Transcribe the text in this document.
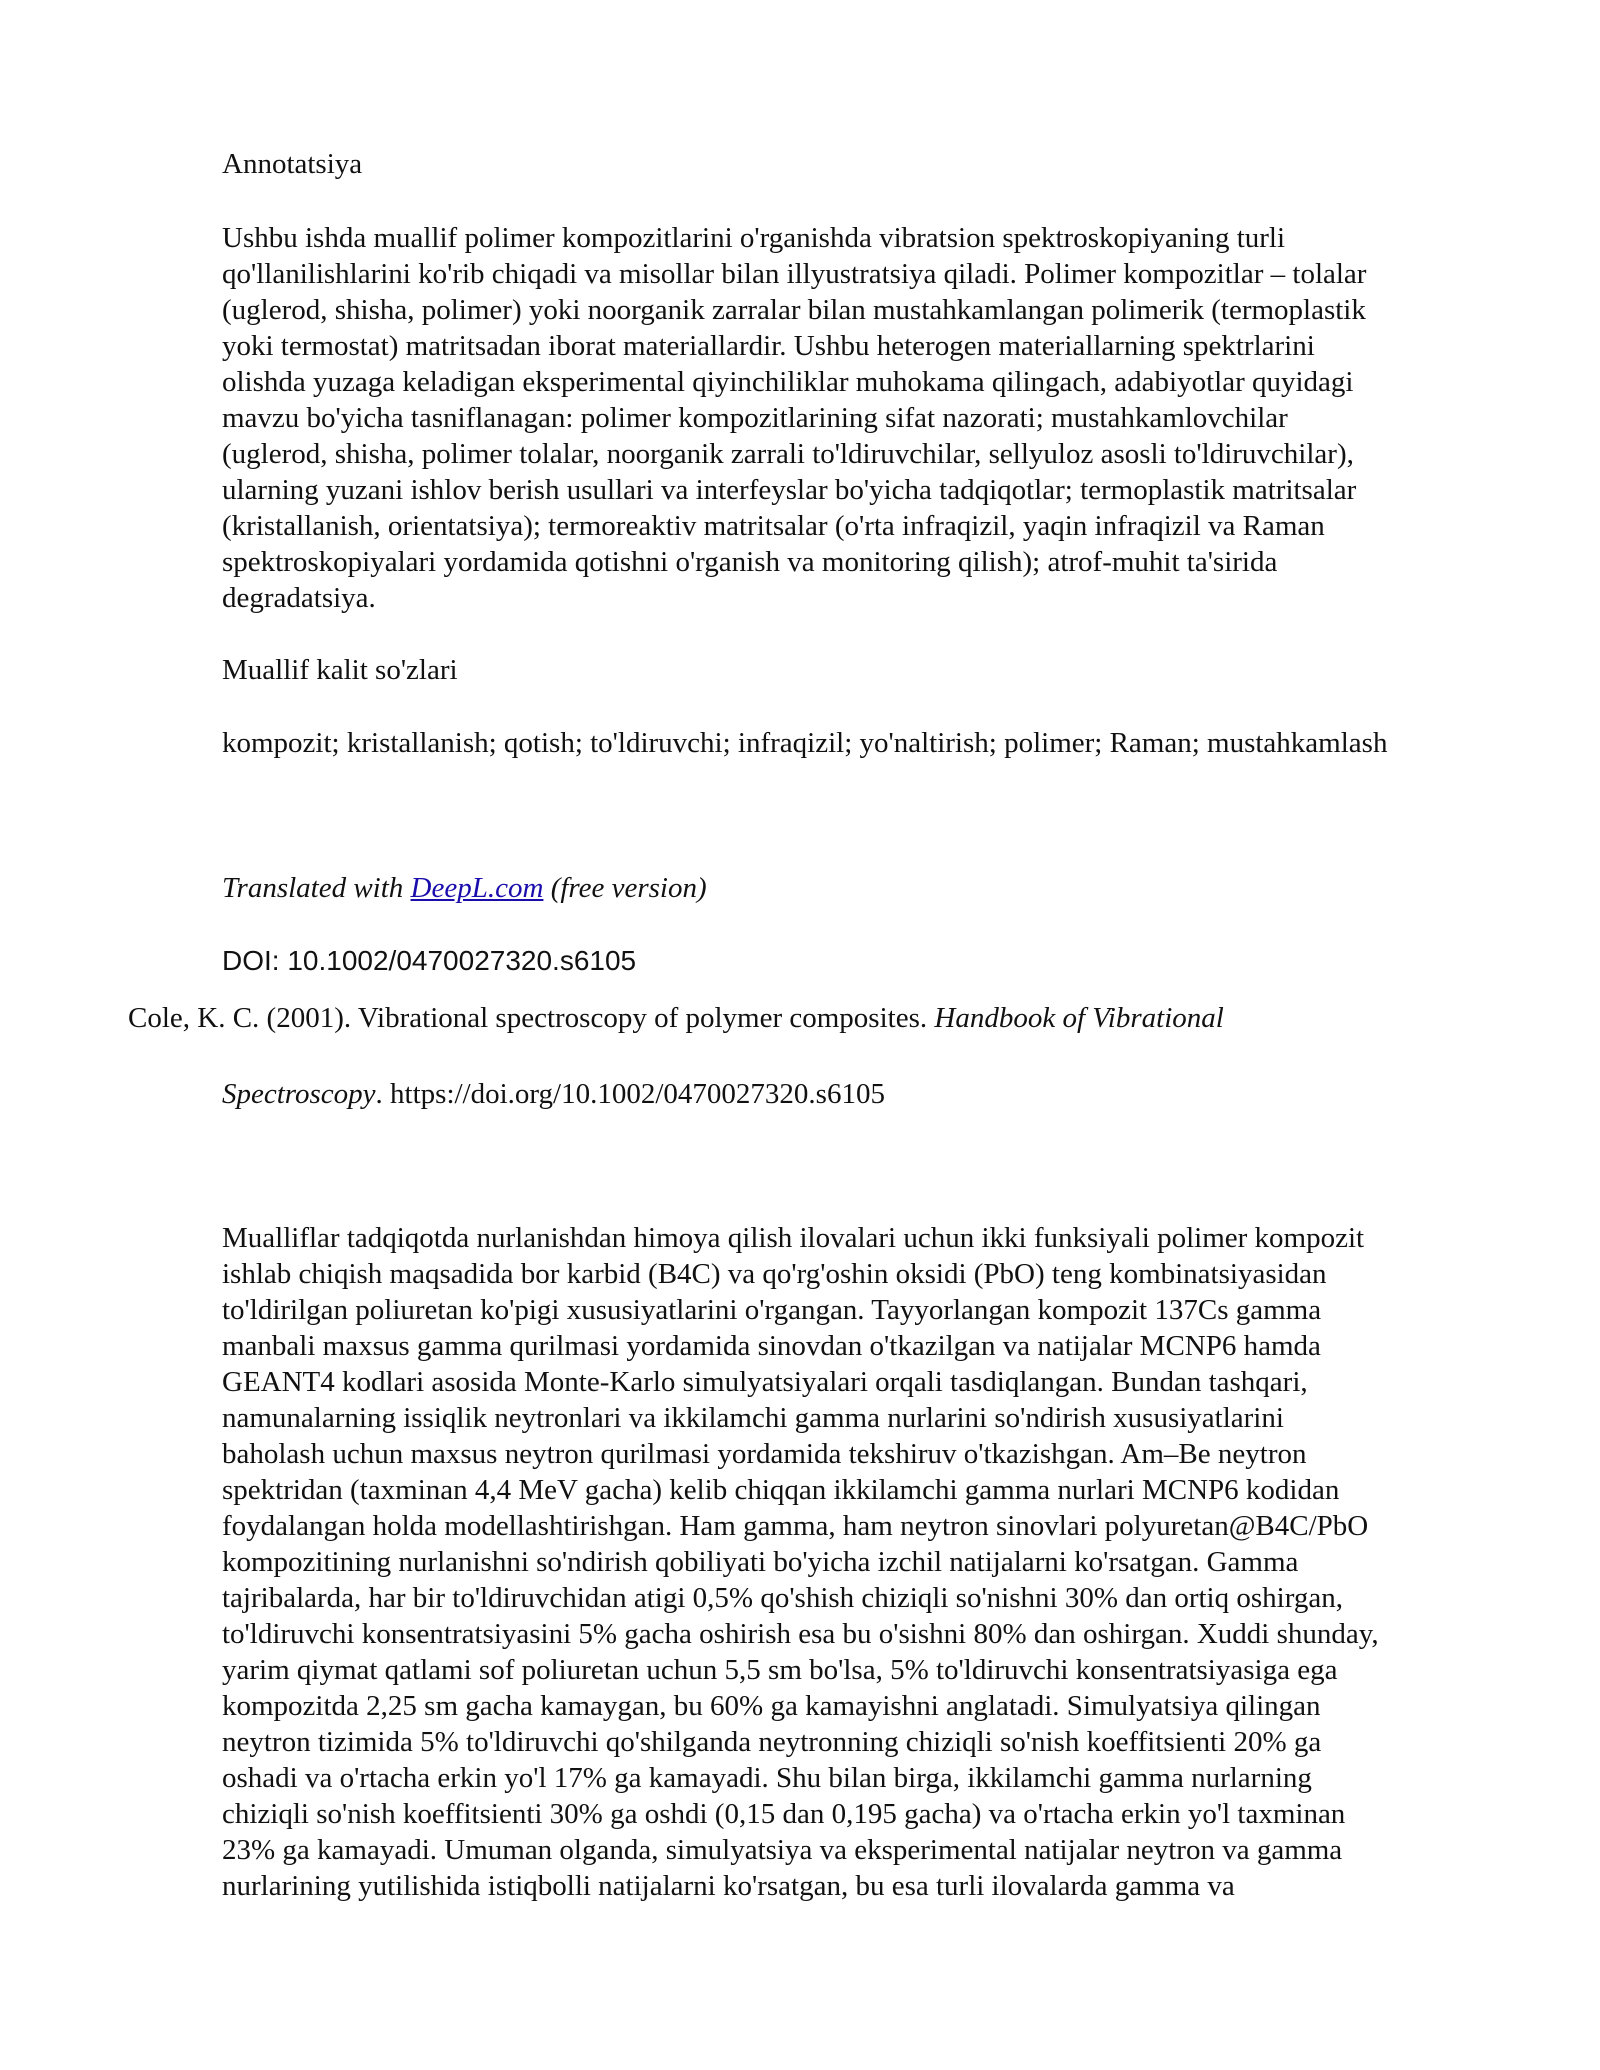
Annotatsiya

Ushbu ishda muallif polimer kompozitlarini o'rganishda vibratsion spektroskopiyaning turli
qo'llanilishlarini ko'rib chiqadi va misollar bilan illyustratsiya qiladi. Polimer kompozitlar – tolalar
(uglerod, shisha, polimer) yoki noorganik zarralar bilan mustahkamlangan polimerik (termoplastik
yoki termostat) matritsadan iborat materiallardir. Ushbu heterogen materiallarning spektrlarini
olishda yuzaga keladigan eksperimental qiyinchiliklar muhokama qilingach, adabiyotlar quyidagi
mavzu bo'yicha tasniflanagan: polimer kompozitlarining sifat nazorati; mustahkamlovchilar
(uglerod, shisha, polimer tolalar, noorganik zarrali to'ldiruvchilar, sellyuloz asosli to'ldiruvchilar),
ularning yuzani ishlov berish usullari va interfeyslar bo'yicha tadqiqotlar; termoplastik matritsalar
(kristallanish, orientatsiya); termoreaktiv matritsalar (o'rta infraqizil, yaqin infraqizil va Raman
spektroskopiyalari yordamida qotishni o'rganish va monitoring qilish); atrof-muhit ta'sirida
degradatsiya.

Muallif kalit so'zlari

kompozit; kristallanish; qotish; to'ldiruvchi; infraqizil; yo'naltirish; polimer; Raman; mustahkamlash

Translated with DeepL.com (free version)

DOI: 10.1002/0470027320.s6105

Cole, K. C. (2001). Vibrational spectroscopy of polymer composites. Handbook of Vibrational

Spectroscopy. https://doi.org/10.1002/0470027320.s6105

Mualliflar tadqiqotda nurlanishdan himoya qilish ilovalari uchun ikki funksiyali polimer kompozit
ishlab chiqish maqsadida bor karbid (B4C) va qo'rg'oshin oksidi (PbO) teng kombinatsiyasidan
to'ldirilgan poliuretan ko'pigi xususiyatlarini o'rgangan. Tayyorlangan kompozit 137Cs gamma
manbali maxsus gamma qurilmasi yordamida sinovdan o'tkazilgan va natijalar MCNP6 hamda
GEANT4 kodlari asosida Monte-Karlo simulyatsiyalari orqali tasdiqlangan. Bundan tashqari,
namunalarning issiqlik neytronlari va ikkilamchi gamma nurlarini so'ndirish xususiyatlarini
baholash uchun maxsus neytron qurilmasi yordamida tekshiruv o'tkazishgan. Am–Be neytron
spektridan (taxminan 4,4 MeV gacha) kelib chiqqan ikkilamchi gamma nurlari MCNP6 kodidan
foydalangan holda modellashtirishgan. Ham gamma, ham neytron sinovlari polyuretan@B4C/PbO
kompozitining nurlanishni so'ndirish qobiliyati bo'yicha izchil natijalarni ko'rsatgan. Gamma
tajribalarda, har bir to'ldiruvchidan atigi 0,5% qo'shish chiziqli so'nishni 30% dan ortiq oshirgan,
to'ldiruvchi konsentratsiyasini 5% gacha oshirish esa bu o'sishni 80% dan oshirgan. Xuddi shunday,
yarim qiymat qatlami sof poliuretan uchun 5,5 sm bo'lsa, 5% to'ldiruvchi konsentratsiyasiga ega
kompozitda 2,25 sm gacha kamaygan, bu 60% ga kamayishni anglatadi. Simulyatsiya qilingan
neytron tizimida 5% to'ldiruvchi qo'shilganda neytronning chiziqli so'nish koeffitsienti 20% ga
oshadi va o'rtacha erkin yo'l 17% ga kamayadi. Shu bilan birga, ikkilamchi gamma nurlarning
chiziqli so'nish koeffitsienti 30% ga oshdi (0,15 dan 0,195 gacha) va o'rtacha erkin yo'l taxminan
23% ga kamayadi. Umuman olganda, simulyatsiya va eksperimental natijalar neytron va gamma
nurlarining yutilishida istiqbolli natijalarni ko'rsatgan, bu esa turli ilovalarda gamma va
